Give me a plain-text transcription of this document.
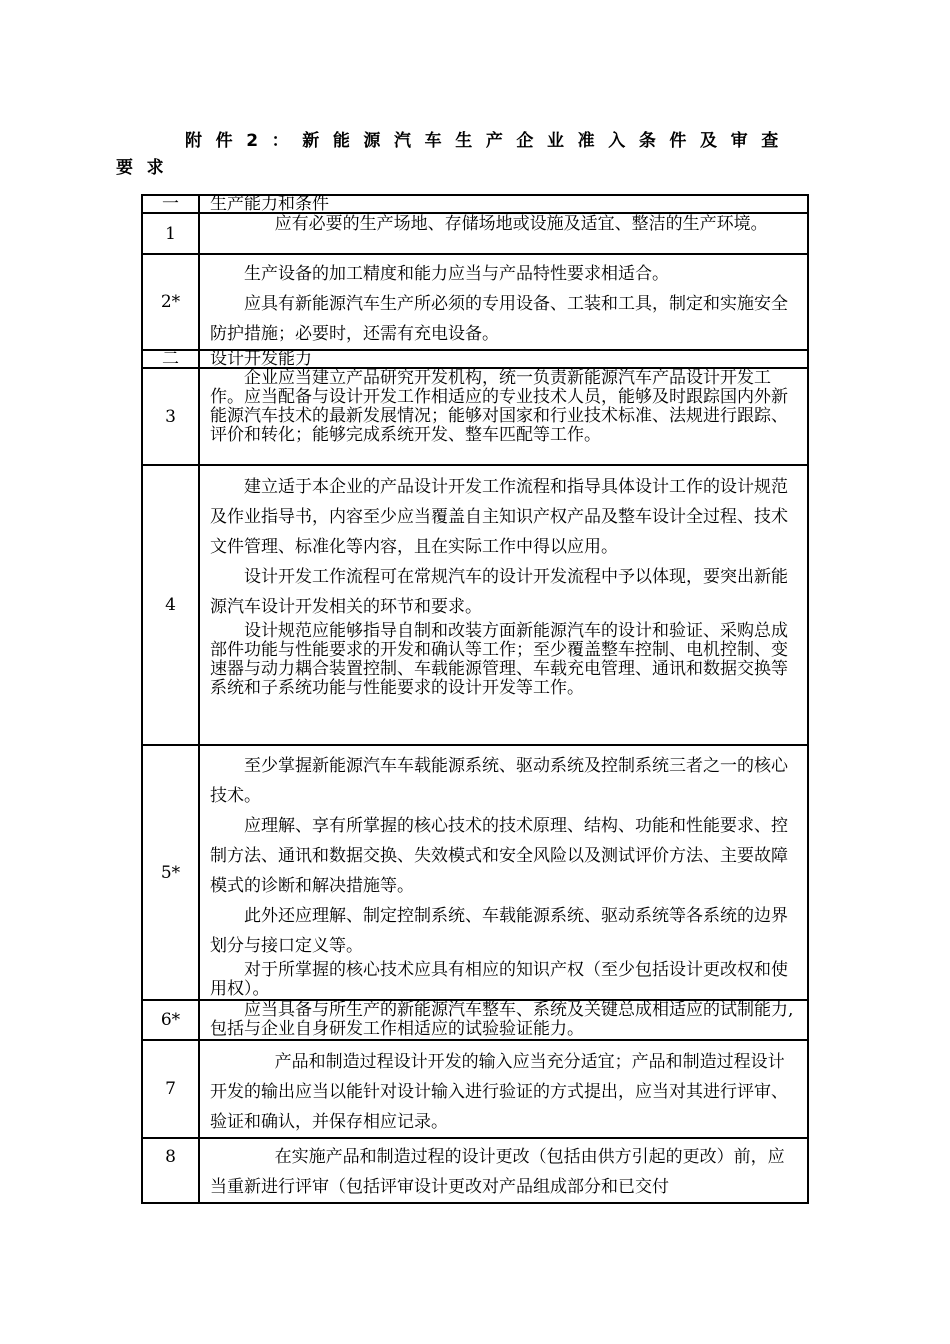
附件2：新能源汽车生产企业准入条件及审查
要求
一	生产能力和条件
1	应有必要的生产场地、存储场地或设施及适宜、整洁的生产环境。

2*	生产设备的加工精度和能力应当与产品特性要求相适合。

应具有新能源汽车生产所必须的专用设备、工装和工具，制定和实施安全防护措施；必要时，还需有充电设备。

二	设计开发能力
3	企业应当建立产品研究开发机构，统一负责新能源汽车产品设计开发工作。应当配备与设计开发工作相适应的专业技术人员，能够及时跟踪国内外新能源汽车技术的最新发展情况；能够对国家和行业技术标准、法规进行跟踪、评价和转化；能够完成系统开发、整车匹配等工作。

4	建立适于本企业的产品设计开发工作流程和指导具体设计工作的设计规范及作业指导书，内容至少应当覆盖自主知识产权产品及整车设计全过程、技术文件管理、标准化等内容，且在实际工作中得以应用。

设计开发工作流程可在常规汽车的设计开发流程中予以体现，要突出新能源汽车设计开发相关的环节和要求。

设计规范应能够指导自制和改装方面新能源汽车的设计和验证、采购总成部件功能与性能要求的开发和确认等工作；至少覆盖整车控制、电机控制、变速器与动力耦合装置控制、车载能源管理、车载充电管理、通讯和数据交换等系统和子系统功能与性能要求的设计开发等工作。

5*	至少掌握新能源汽车车载能源系统、驱动系统及控制系统三者之一的核心技术。

应理解、享有所掌握的核心技术的技术原理、结构、功能和性能要求、控制方法、通讯和数据交换、失效模式和安全风险以及测试评价方法、主要故障模式的诊断和解决措施等。

此外还应理解、制定控制系统、车载能源系统、驱动系统等各系统的边界划分与接口定义等。

对于所掌握的核心技术应具有相应的知识产权（至少包括设计更改权和使用权）。

6*	应当具备与所生产的新能源汽车整车、系统及关键总成相适应的试制能力,包括与企业自身研发工作相适应的试验验证能力。

7	产品和制造过程设计开发的输入应当充分适宜；产品和制造过程设计开发的输出应当以能针对设计输入进行验证的方式提出，应当对其进行评审、验证和确认，并保存相应记录。

8	在实施产品和制造过程的设计更改（包括由供方引起的更改）前，应当重新进行评审（包括评审设计更改对产品组成部分和已交付
